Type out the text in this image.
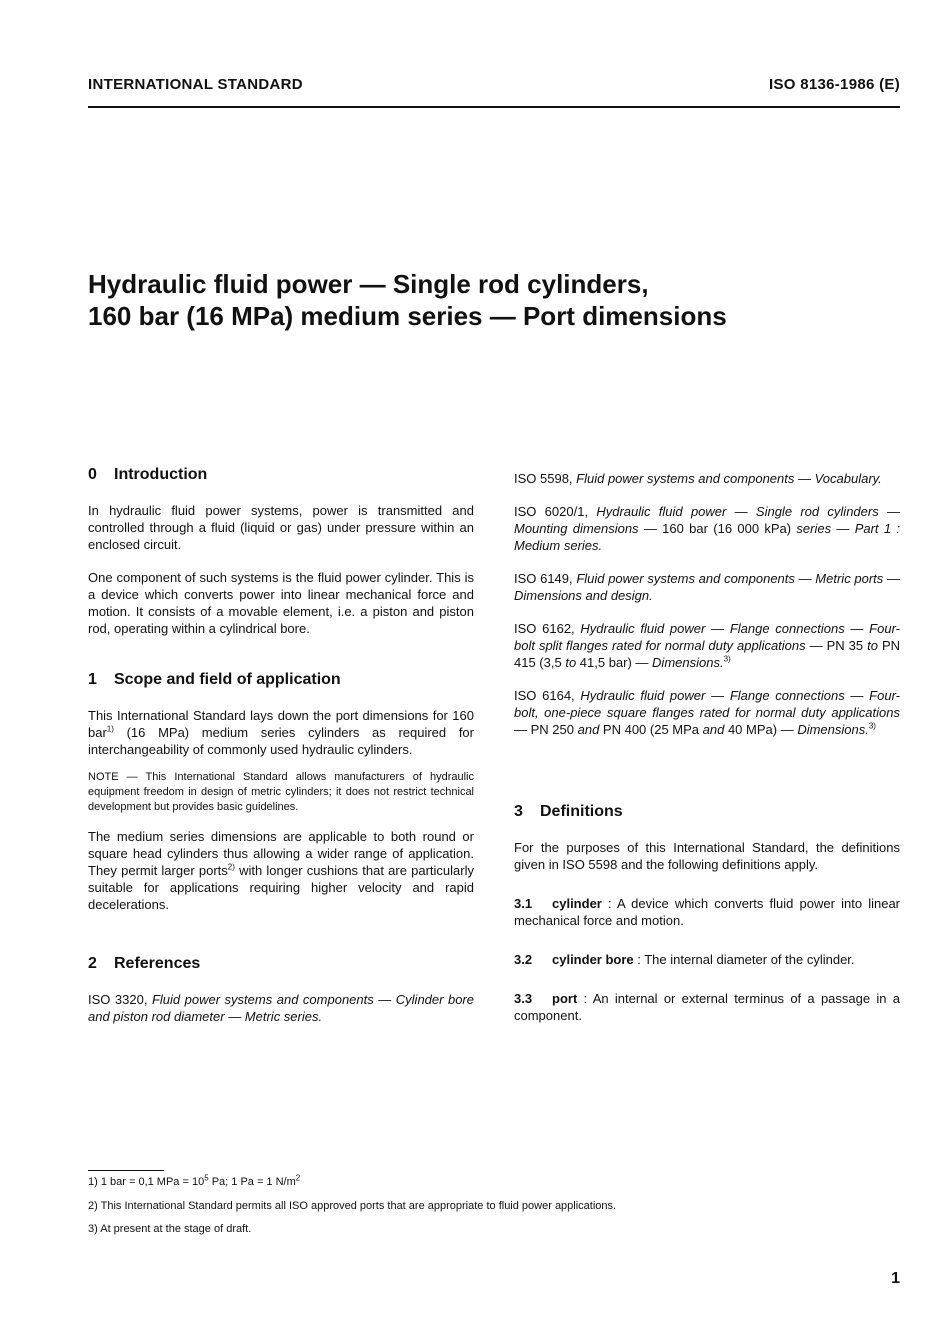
INTERNATIONAL STANDARD	ISO 8136-1986 (E)
Hydraulic fluid power — Single rod cylinders,
160 bar (16 MPa) medium series — Port dimensions
0 Introduction

In hydraulic fluid power systems, power is transmitted and controlled through a fluid (liquid or gas) under pressure within an enclosed circuit.

One component of such systems is the fluid power cylinder. This is a device which converts power into linear mechanical force and motion. It consists of a movable element, i.e. a piston and piston rod, operating within a cylindrical bore.

1 Scope and field of application

This International Standard lays down the port dimensions for 160 bar$^{1)}$ (16 MPa) medium series cylinders as required for interchangeability of commonly used hydraulic cylinders.

NOTE — This International Standard allows manufacturers of hydraulic equipment freedom in design of metric cylinders; it does not restrict technical development but provides basic guidelines.

The medium series dimensions are applicable to both round or square head cylinders thus allowing a wider range of application. They permit larger ports$^{2)}$ with longer cushions that are particularly suitable for applications requiring higher velocity and rapid decelerations.

2 References

ISO 3320, Fluid power systems and components — Cylinder bore and piston rod diameter — Metric series.

ISO 5598, Fluid power systems and components — Vocabulary.

ISO 6020/1, Hydraulic fluid power — Single rod cylinders — Mounting dimensions — 160 bar (16 000 kPa) series — Part 1 : Medium series.

ISO 6149, Fluid power systems and components — Metric ports — Dimensions and design.

ISO 6162, Hydraulic fluid power — Flange connections — Four-bolt split flanges rated for normal duty applications — PN 35 to PN 415 (3,5 to 41,5 bar) — Dimensions.$^{3)}$

ISO 6164, Hydraulic fluid power — Flange connections — Four-bolt, one-piece square flanges rated for normal duty applications — PN 250 and PN 400 (25 MPa and 40 MPa) — Dimensions.$^{3)}$

3 Definitions

For the purposes of this International Standard, the definitions given in ISO 5598 and the following definitions apply.

3.1 cylinder : A device which converts fluid power into linear mechanical force and motion.

3.2 cylinder bore : The internal diameter of the cylinder.

3.3 port : An internal or external terminus of a passage in a component.

1) 1 bar = 0,1 MPa = $10^5$ Pa; 1 Pa = 1 $N/m^2$
2) This International Standard permits all ISO approved ports that are appropriate to fluid power applications.
3) At present at the stage of draft.
1
